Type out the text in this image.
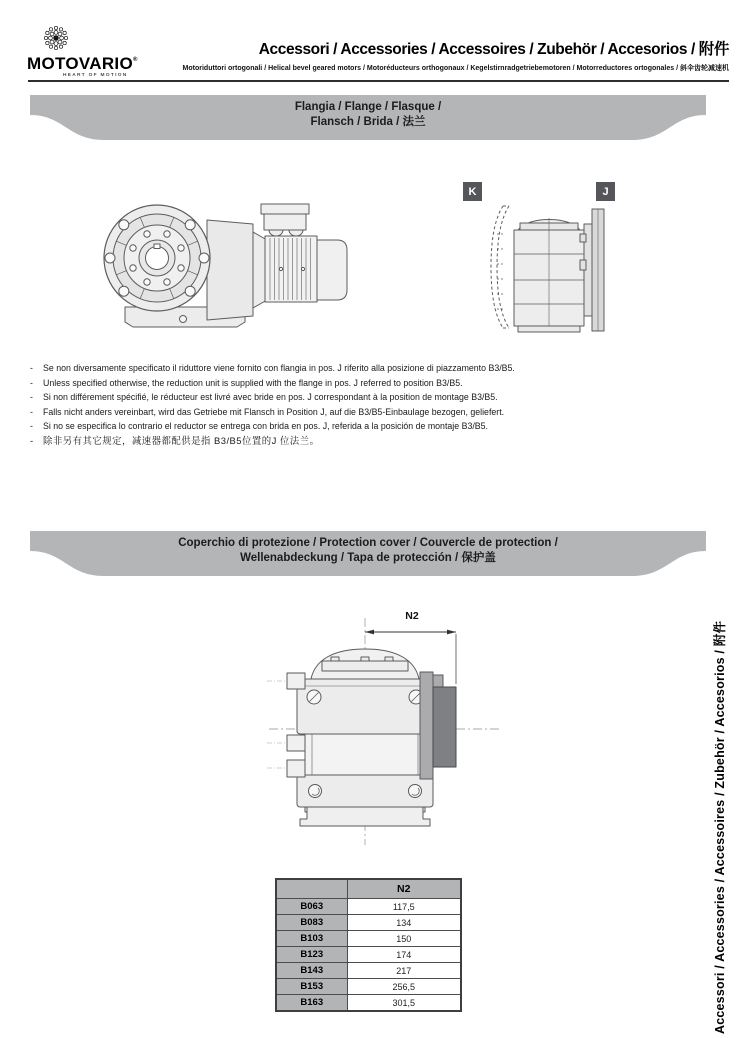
MOTOVARIO®
HEART OF MOTION
Accessori / Accessories / Accessoires / Zubehör / Accesorios / 附件
Motoriduttori ortogonali / Helical bevel geared motors / Motoréducteurs orthogonaux / Kegelstirnradgetriebemotoren / Motorreductores ortogonales / 斜伞齿轮减速机
Flangia / Flange / Flasque /
Flansch / Brida / 法兰
K	J
-	Se non diversamente specificato il riduttore viene fornito con flangia in pos. J riferito alla posizione di piazzamento B3/B5.
-	Unless specified otherwise, the reduction unit is supplied with the flange in pos. J referred to position B3/B5.
-	Si non différement spécifié, le réducteur est livré avec bride en pos. J correspondant à la position de montage B3/B5.
-	Falls nicht anders vereinbart, wird das Getriebe mit Flansch in Position J, auf die B3/B5-Einbaulage bezogen, geliefert.
-	Si no se especifica lo contrario el reductor se entrega con brida en pos. J, referida a la posición de montaje B3/B5.
- 除非另有其它规定，减速器都配供是指 B3/B5位置的J 位法兰。
Coperchio di protezione / Protection cover / Couvercle de protection /
Wellenabdeckung / Tapa de protección / 保护盖
N2
	N2
B063	117,5
B083	134
B103	150
B123	174
B143	217
B153	256,5
B163	301,5	Accessori / Accessories / Accessoires / Zubehör / Accesorios / 附件
